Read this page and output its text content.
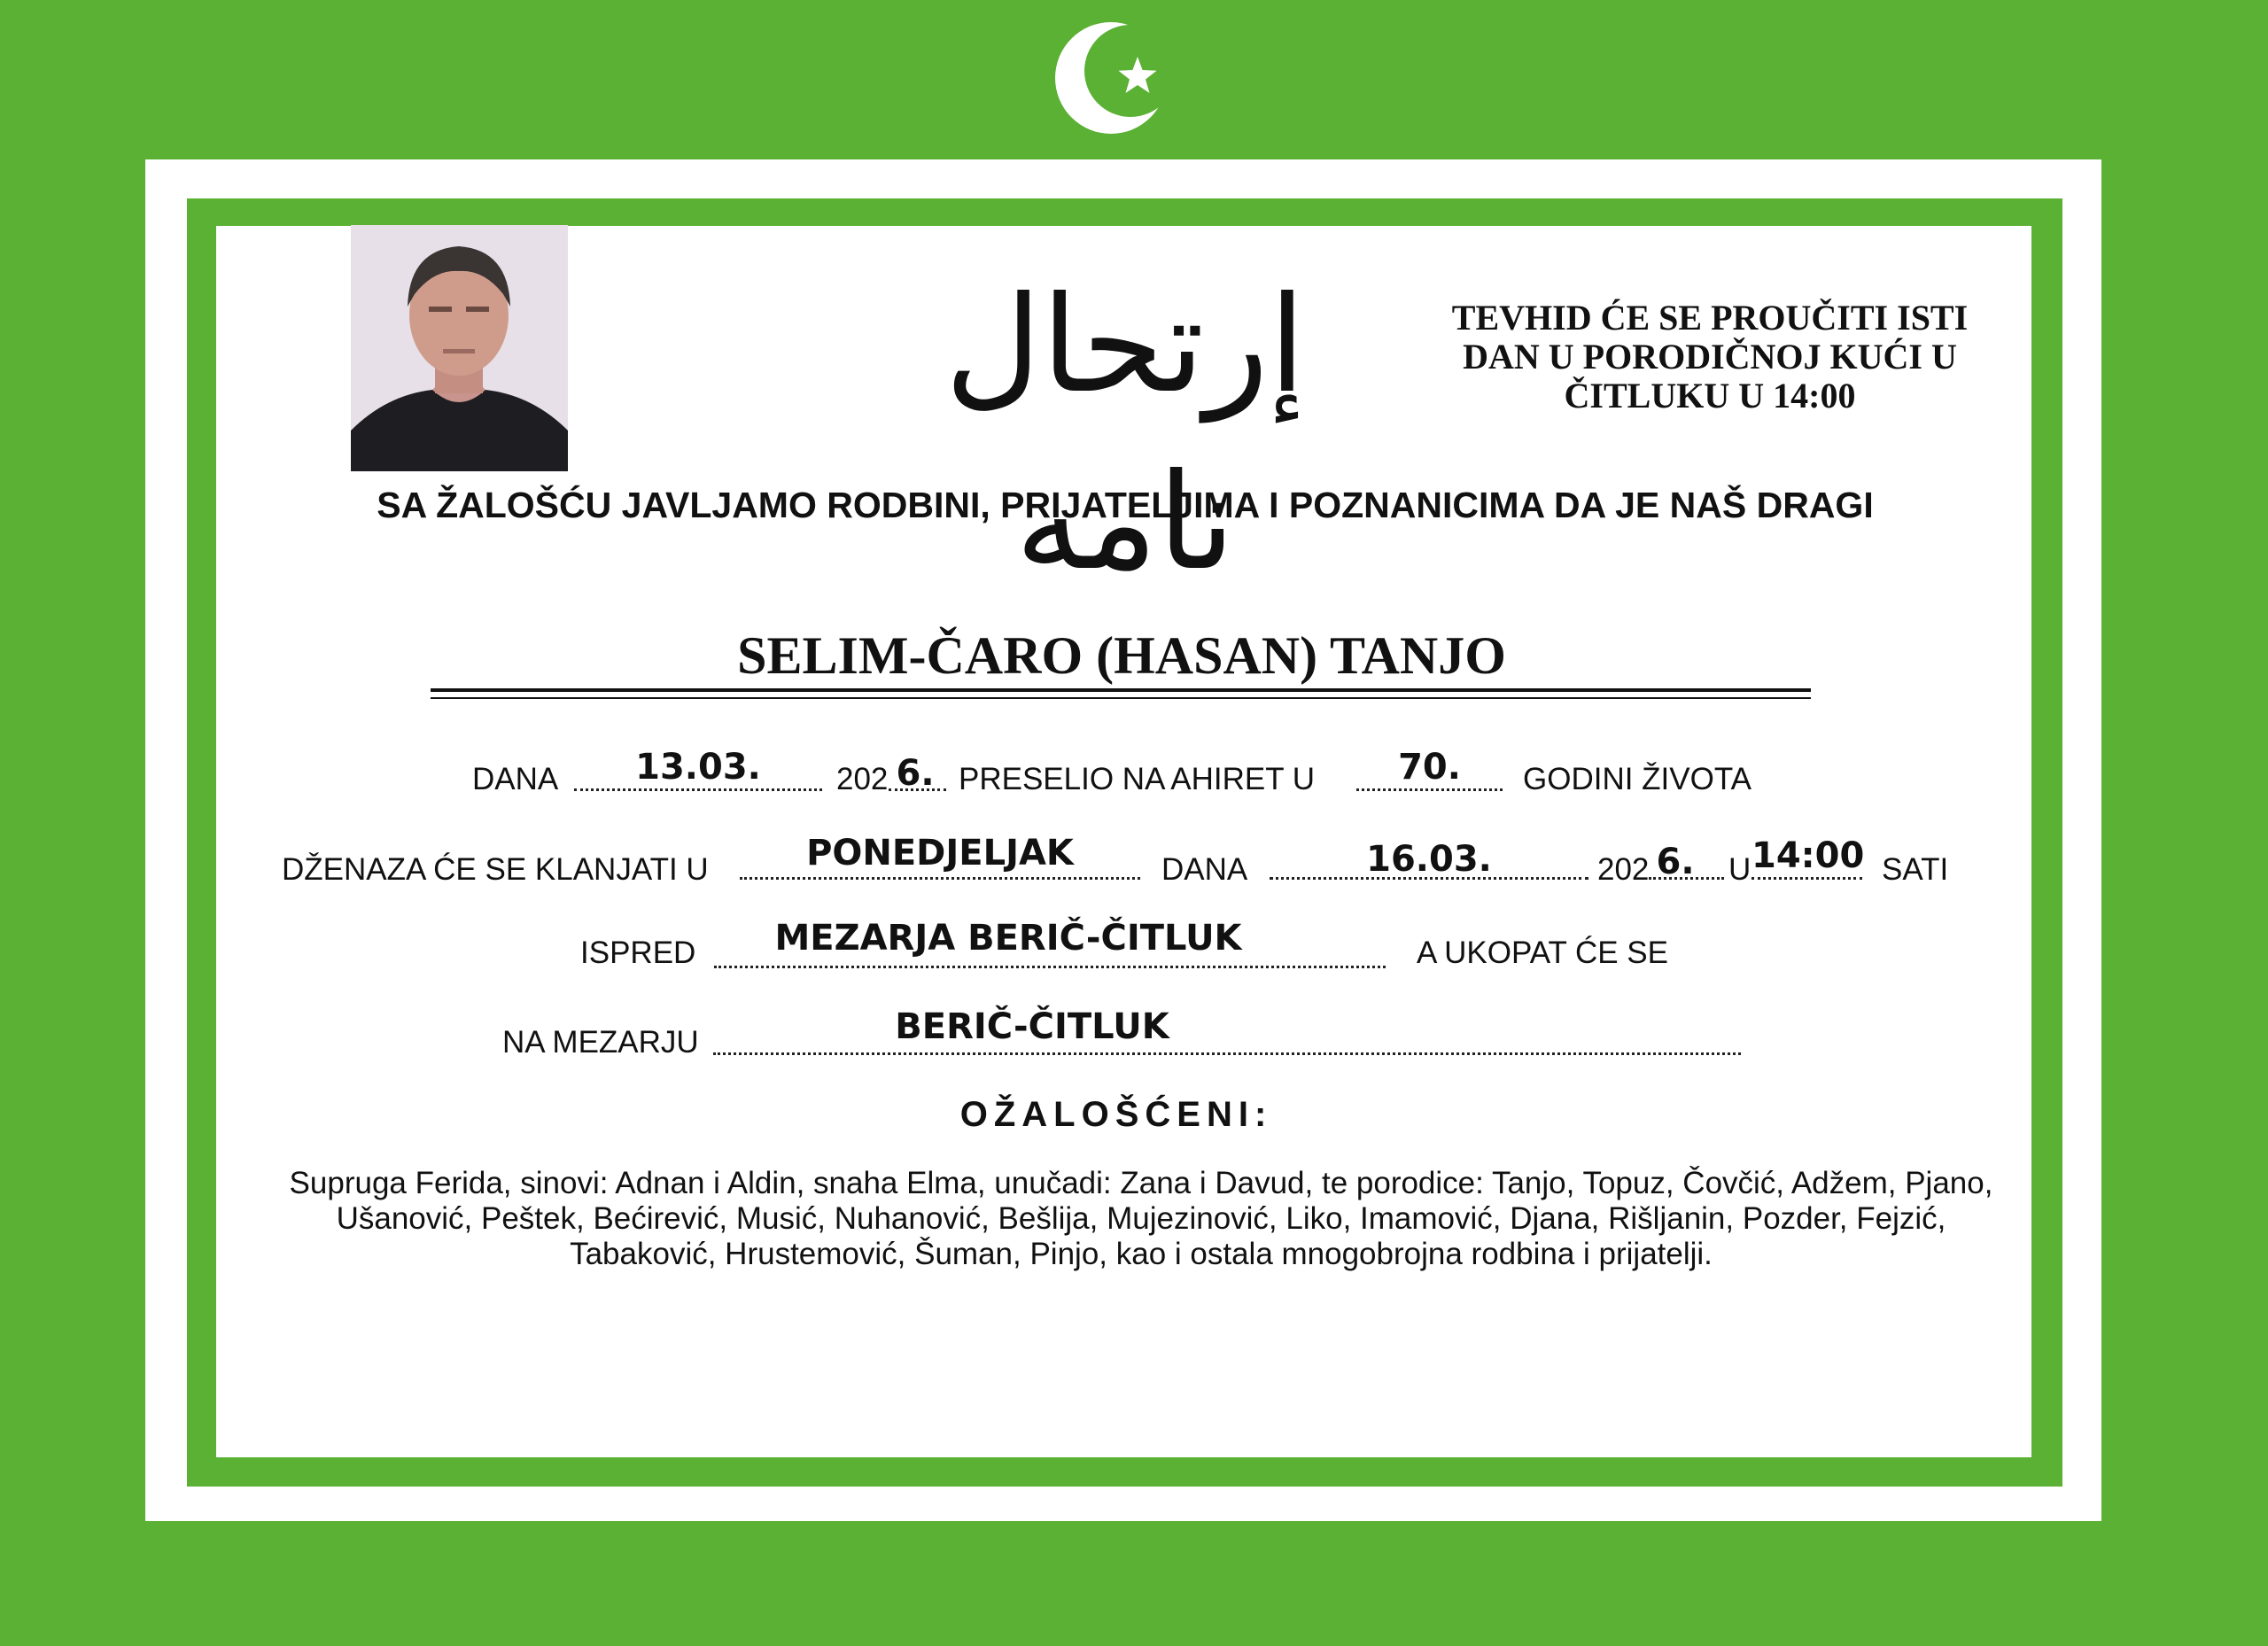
إرتحال نامه
TEVHID ĆE SE PROUČITI ISTI
DAN U PORODIČNOJ KUĆI U
ČITLUKU U 14:00
SA ŽALOŠĆU JAVLJAMO RODBINI, PRIJATELJIMA I POZNANICIMA DA JE NAŠ DRAGI
SELIM-ČARO (HASAN) TANJO
DANA	13.03.	202 6. PRESELIO NA AHIRET U	70.	GODINI ŽIVOTA
DŽENAZA ĆE SE KLANJATI U	PONEDJELJAK	DANA	16.03.	202 6. U 14:00 SATI
ISPRED	MEZARJA BERIČ-ČITLUK	A UKOPAT ĆE SE
NA MEZARJU	BERIČ-ČITLUK
OŽALOŠĆENI:
Supruga Ferida, sinovi: Adnan i Aldin, snaha Elma, unučadi: Zana i Davud, te porodice: Tanjo, Topuz, Čovčić, Adžem, Pjano, Ušanović, Peštek, Bećirević, Musić, Nuhanović, Bešlija, Mujezinović, Liko, Imamović, Djana, Rišljanin, Pozder, Fejzić, Tabaković, Hrustemović, Šuman, Pinjo, kao i ostala mnogobrojna rodbina i prijatelji.
